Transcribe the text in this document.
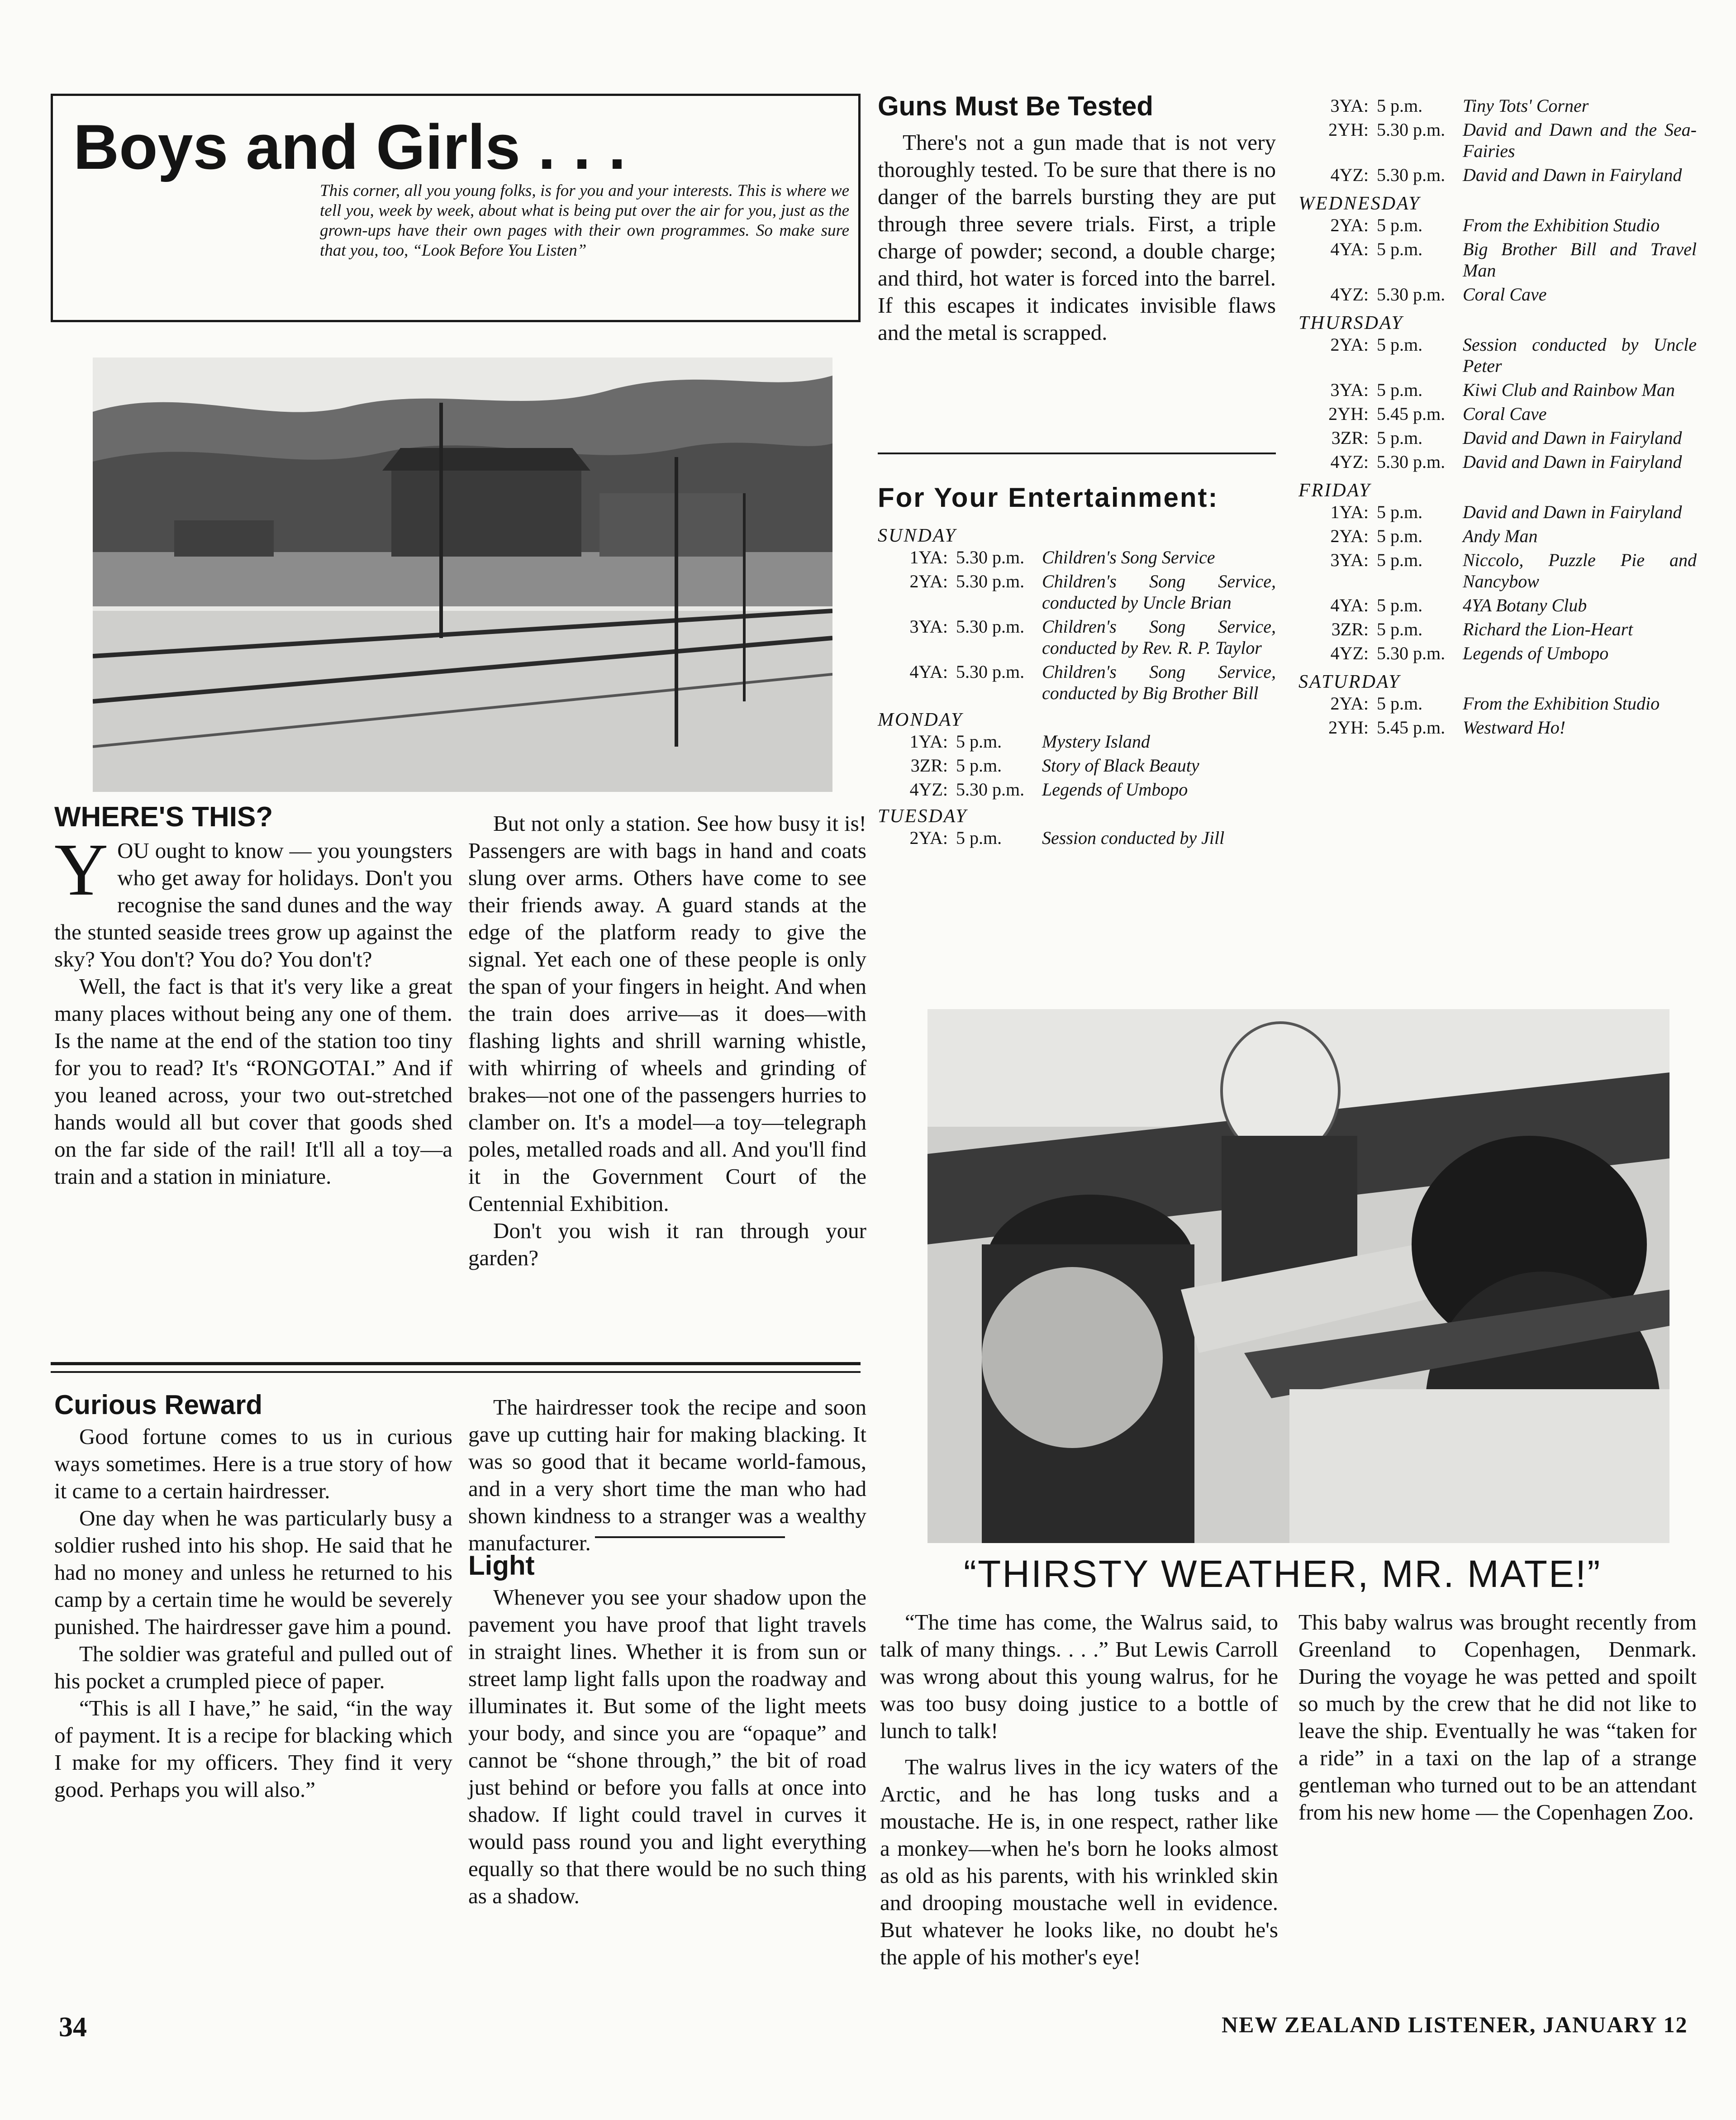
Boys and Girls . . .
This corner, all you young folks, is for you and your interests. This is where we tell you, week by week, about what is being put over the air for you, just as the grown-ups have their own pages with their own programmes. So make sure that you, too, “Look Before You Listen”
WHERE'S THIS?

YOU ought to know — you youngsters who get away for holidays. Don't you recognise the sand dunes and the way the stunted seaside trees grow up against the sky? You don't? You do? You don't?

Well, the fact is that it's very like a great many places without being any one of them. Is the name at the end of the station too tiny for you to read? It's “RONGOTAI.” And if you leaned across, your two out-stretched hands would all but cover that goods shed on the far side of the rail! It'll all a toy—a train and a station in miniature.

But not only a station. See how busy it is! Passengers are with bags in hand and coats slung over arms. Others have come to see their friends away. A guard stands at the edge of the platform ready to give the signal. Yet each one of these people is only the span of your fingers in height. And when the train does arrive—as it does—with flashing lights and shrill warning whistle, with whirring of wheels and grinding of brakes—not one of the passengers hurries to clamber on. It's a model—a toy—telegraph poles, metalled roads and all. And you'll find it in the Government Court of the Centennial Exhibition.

Don't you wish it ran through your garden?

Curious Reward

Good fortune comes to us in curious ways sometimes. Here is a true story of how it came to a certain hairdresser.

One day when he was particularly busy a soldier rushed into his shop. He said that he had no money and unless he returned to his camp by a certain time he would be severely punished. The hairdresser gave him a pound.

The soldier was grateful and pulled out of his pocket a crumpled piece of paper.

“This is all I have,” he said, “in the way of payment. It is a recipe for blacking which I make for my officers. They find it very good. Perhaps you will also.”

The hairdresser took the recipe and soon gave up cutting hair for making blacking. It was so good that it became world-famous, and in a very short time the man who had shown kindness to a stranger was a wealthy manufacturer.

Light

Whenever you see your shadow upon the pavement you have proof that light travels in straight lines. Whether it is from sun or street lamp light falls upon the roadway and illuminates it. But some of the light meets your body, and since you are “opaque” and cannot be “shone through,” the bit of road just behind or before you falls at once into shadow. If light could travel in curves it would pass round you and light everything equally so that there would be no such thing as a shadow.

Guns Must Be Tested

There's not a gun made that is not very thoroughly tested. To be sure that there is no danger of the barrels bursting they are put through three severe trials. First, a triple charge of powder; second, a double charge; and third, hot water is forced into the barrel. If this escapes it indicates invisible flaws and the metal is scrapped.

For Your Entertainment:

SUNDAY

1YA: 5.30 p.m. Children's Song Service
2YA: 5.30 p.m. Children's Song Service, conducted by Uncle Brian
3YA: 5.30 p.m. Children's Song Service, conducted by Rev. R. P. Taylor
4YA: 5.30 p.m. Children's Song Service, conducted by Big Brother Bill

MONDAY

1YA: 5 p.m.	Mystery Island
3ZR: 5 p.m.	Story of Black Beauty
4YZ: 5.30 p.m. Legends of Umbopo

TUESDAY

2YA: 5 p.m.	Session conducted by Jill
3YA: 5 p.m.	Tiny Tots' Corner
2YH: 5.30 p.m. David and Dawn and the Sea-Fairies
4YZ: 5.30 p.m. David and Dawn in Fairyland

WEDNESDAY

2YA: 5 p.m.	From the Exhibition Studio
4YA: 5 p.m.	Big Brother Bill and Travel Man
4YZ: 5.30 p.m. Coral Cave

THURSDAY

2YA: 5 p.m.	Session conducted by Uncle Peter
3YA: 5 p.m.	Kiwi Club and Rainbow Man
2YH: 5.45 p.m. Coral Cave
3ZR: 5 p.m.	David and Dawn in Fairyland
4YZ: 5.30 p.m. David and Dawn in Fairyland

FRIDAY

1YA: 5 p.m.	David and Dawn in Fairyland
2YA: 5 p.m.	Andy Man
3YA: 5 p.m.	Niccolo, Puzzle Pie and Nancybow
4YA: 5 p.m.	4YA Botany Club
3ZR: 5 p.m.	Richard the Lion-Heart
4YZ: 5.30 p.m. Legends of Umbopo

SATURDAY

2YA: 5 p.m.	From the Exhibition Studio
2YH: 5.45 p.m. Westward Ho!
“THIRSTY WEATHER, MR. MATE!”

“The time has come, the Walrus said, to talk of many things. . . .” But Lewis Carroll was wrong about this young walrus, for he was too busy doing justice to a bottle of lunch to talk!

The walrus lives in the icy waters of the Arctic, and he has long tusks and a moustache. He is, in one respect, rather like a monkey—when he's born he looks almost as old as his parents, with his wrinkled skin and drooping moustache well in evidence. But whatever he looks like, no doubt he's the apple of his mother's eye!

This baby walrus was brought recently from Greenland to Copenhagen, Denmark. During the voyage he was petted and spoilt so much by the crew that he did not like to leave the ship. Eventually he was “taken for a ride” in a taxi on the lap of a strange gentleman who turned out to be an attendant from his new home — the Copenhagen Zoo.

34	NEW ZEALAND LISTENER, JANUARY 12
